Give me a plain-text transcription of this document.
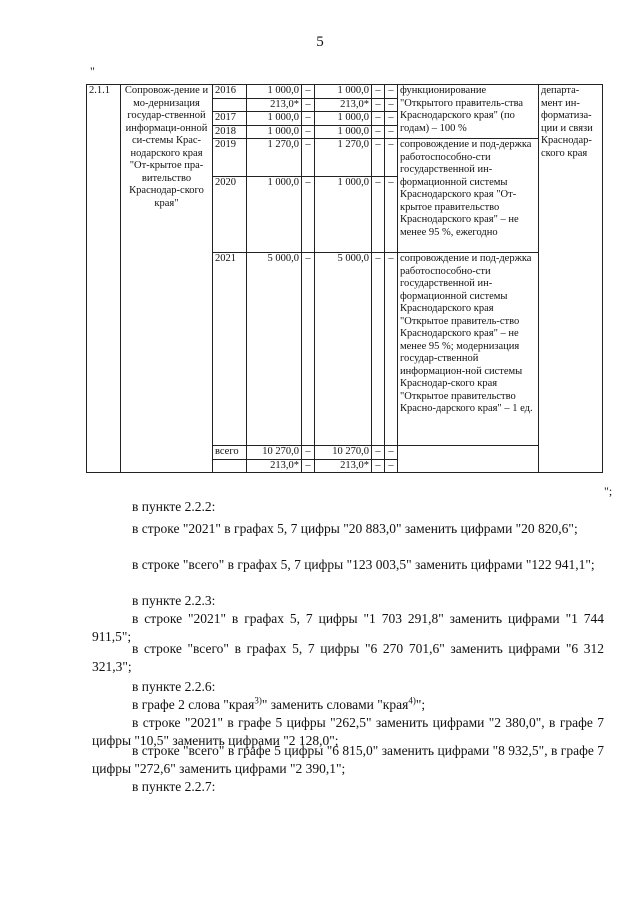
5
"
2.1.1	Сопровож-дение и мо-дернизация государ-ственной информаци-онной си-стемы Крас-нодарского края "От-крытое пра-вительство Краснодар-ского края"	2016	1 000,0	–	1 000,0	–	–	функционирование "Открытого правитель-ства Краснодарского края" (по годам) – 100 %	департа-мент ин-форматиза-ции и связи Краснодар-ского края
			213,0*	–	213,0*	–	–		
		2017	1 000,0	–	1 000,0	–	–		
		2018	1 000,0	–	1 000,0	–	–		
		2019	1 270,0	–	1 270,0	–	–	сопровождение и под-держка работоспособно-сти государственной ин-формационной системы Краснодарского края "От-крытое правительство Краснодарского края" – не менее 95 %, ежегодно	
		2020	1 000,0	–	1 000,0	–	–		
		2021	5 000,0	–	5 000,0	–	–	сопровождение и под-держка работоспособно-сти государственной ин-формационной системы Краснодарского края "Открытое правитель-ство Краснодарского края" – не менее 95 %; модернизация государ-ственной информацион-ной системы Краснодар-ского края "Открытое правительство Красно-дарского края" – 1 ед.	
		всего	10 270,0	–	10 270,0	–	–		
			213,0*	–	213,0*	–	–		
";
в пункте 2.2.2:
в строке "2021" в графах 5, 7 цифры "20 883,0" заменить цифрами "20 820,6";
в строке "всего" в графах 5, 7 цифры "123 003,5" заменить цифрами "122 941,1";
в пункте 2.2.3:
в строке "2021" в графах 5, 7 цифры "1 703 291,8" заменить цифрами "1 744 911,5";
в строке "всего" в графах 5, 7 цифры "6 270 701,6" заменить цифрами "6 312 321,3";
в пункте 2.2.6:
в графе 2 слова "края$^{3)}$" заменить словами "края$^{4)}$";
в строке "2021" в графе 5 цифры "262,5" заменить цифрами "2 380,0", в графе 7 цифры "10,5" заменить цифрами "2 128,0";
в строке "всего" в графе 5 цифры "6 815,0" заменить цифрами "8 932,5", в графе 7 цифры "272,6" заменить цифрами "2 390,1";
в пункте 2.2.7:
